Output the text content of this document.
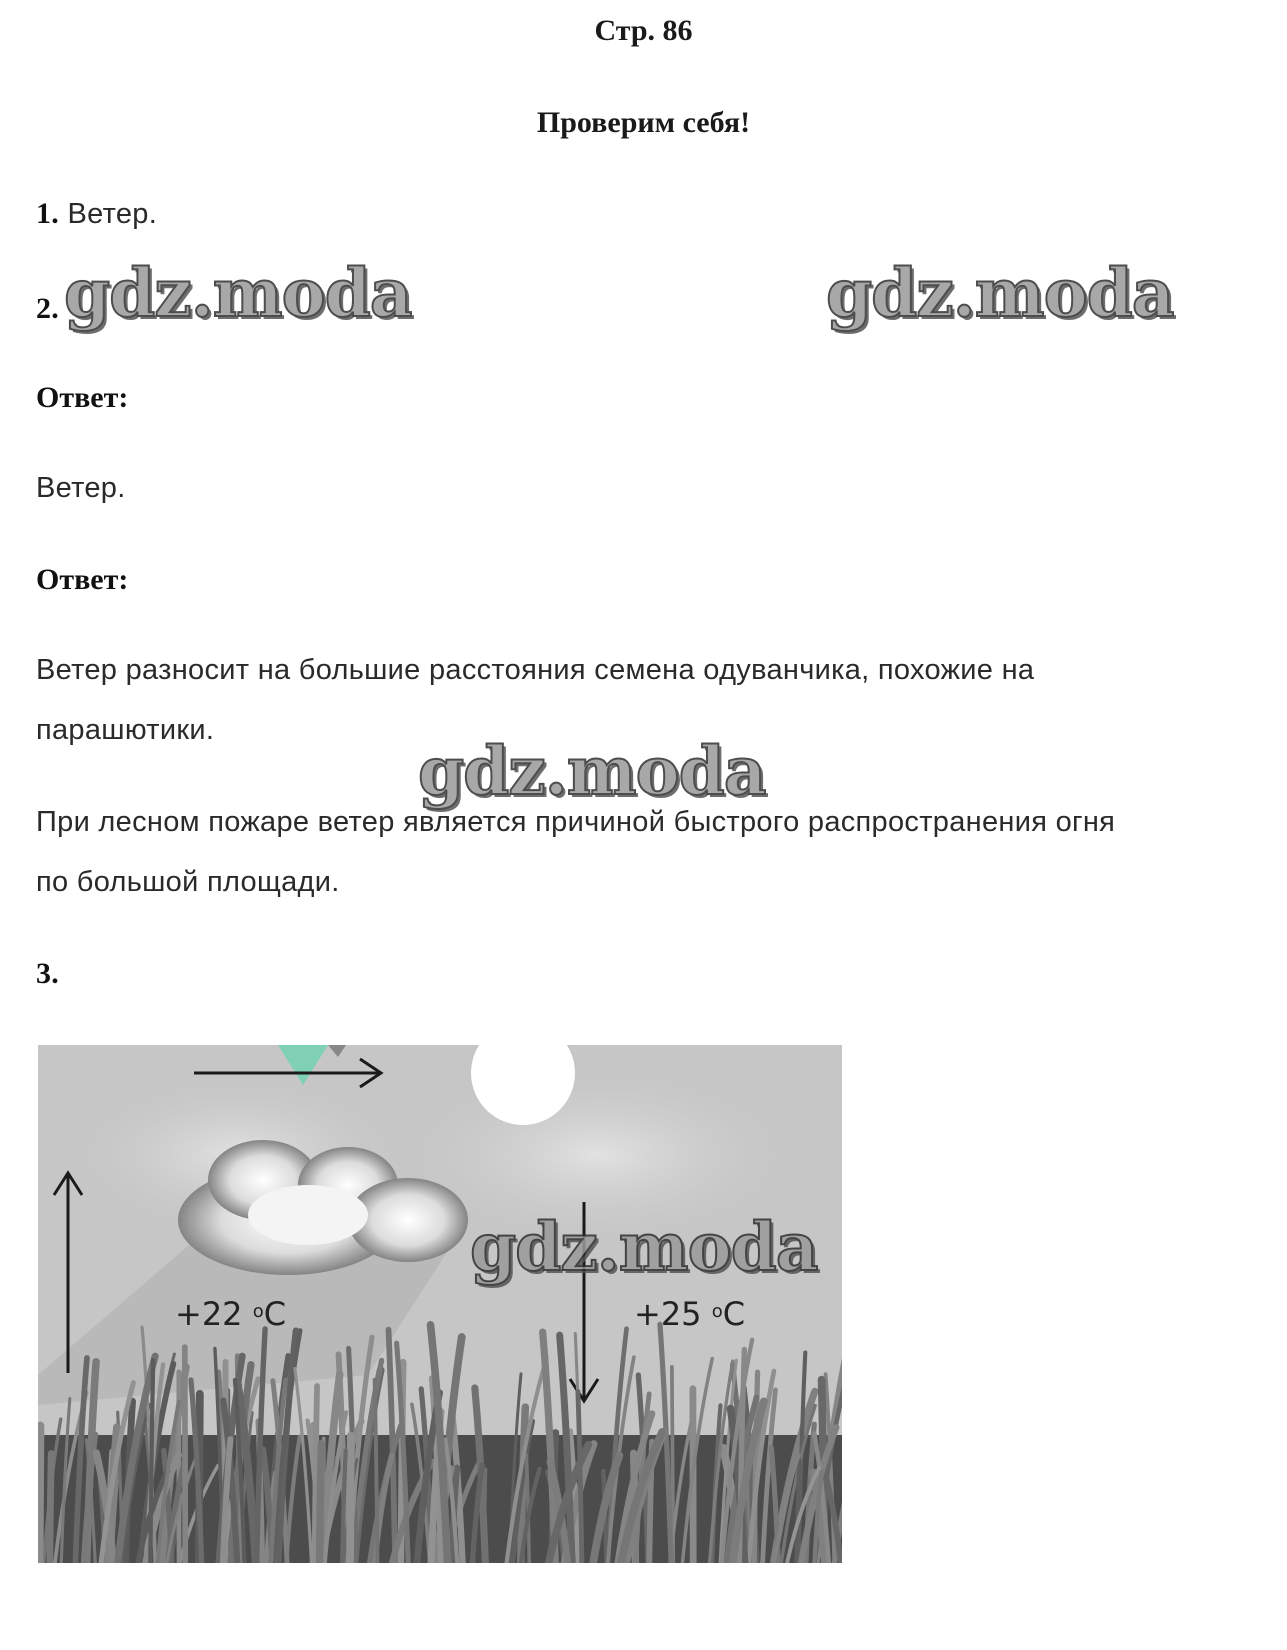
Стр. 86
Проверим себя!
1. Ветер.
2.
Ответ:
Ветер.
Ответ:
Ветер разносит на большие расстояния семена одуванчика, похожие на
парашютики.
При лесном пожаре ветер является причиной быстрого распространения огня
по большой площади.
3.
+22 $^o$C	+25 $^o$C
gdz.moda	gdz.moda
gdz.moda
gdz.moda
